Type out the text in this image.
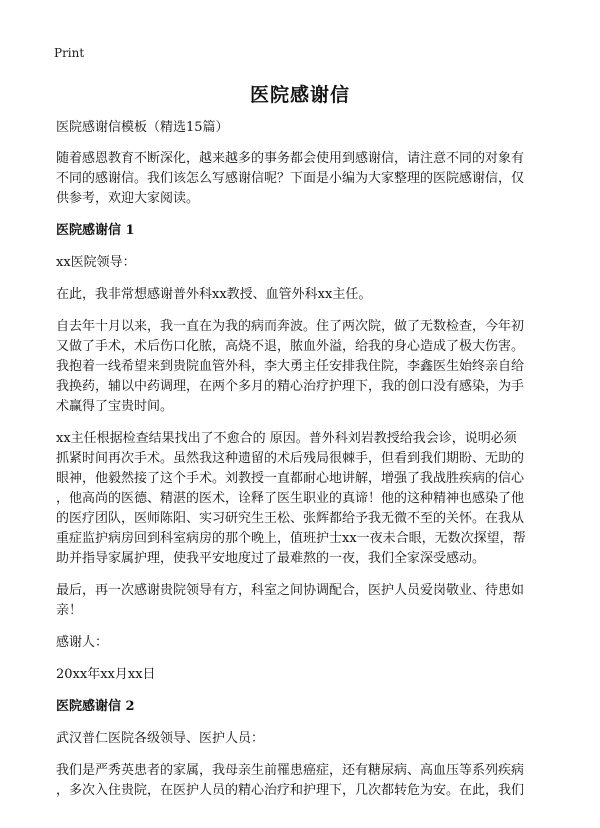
Print
医院感谢信
医院感谢信模板（精选15篇）
随着感恩教育不断深化，越来越多的事务都会使用到感谢信，请注意不同的对象有
不同的感谢信。我们该怎么写感谢信呢？下面是小编为大家整理的医院感谢信，仅
供参考，欢迎大家阅读。
医院感谢信 1
xx医院领导：
在此，我非常想感谢普外科xx教授、血管外科xx主任。
自去年十月以来，我一直在为我的病而奔波。住了两次院，做了无数检查，今年初
又做了手术，术后伤口化脓，高烧不退，脓血外溢，给我的身心造成了极大伤害。
我抱着一线希望来到贵院血管外科，李大勇主任安排我住院，李鑫医生始终亲自给
我换药，辅以中药调理，在两个多月的精心治疗护理下，我的创口没有感染，为手
术赢得了宝贵时间。
xx主任根据检查结果找出了不愈合的 原因。普外科刘岩教授给我会诊，说明必须
抓紧时间再次手术。虽然我这种遗留的术后残局很棘手，但看到我们期盼、无助的
眼神，他毅然接了这个手术。刘教授一直都耐心地讲解，增强了我战胜疾病的信心
，他高尚的医德、精湛的医术，诠释了医生职业的真谛！他的这种精神也感染了他
的医疗团队，医师陈阳、实习研究生王松、张辉都给予我无微不至的关怀。在我从
重症监护病房回到科室病房的那个晚上，值班护士xx一夜未合眼，无数次探望，帮
助并指导家属护理，使我平安地度过了最难熬的一夜，我们全家深受感动。
最后，再一次感谢贵院领导有方，科室之间协调配合，医护人员爱岗敬业、待患如
亲！
感谢人：
20xx年xx月xx日
医院感谢信 2
武汉普仁医院各级领导、医护人员：
我们是严秀英患者的家属，我母亲生前罹患癌症，还有糖尿病、高血压等系列疾病
，多次入住贵院，在医护人员的精心治疗和护理下，几次都转危为安。在此，我们
